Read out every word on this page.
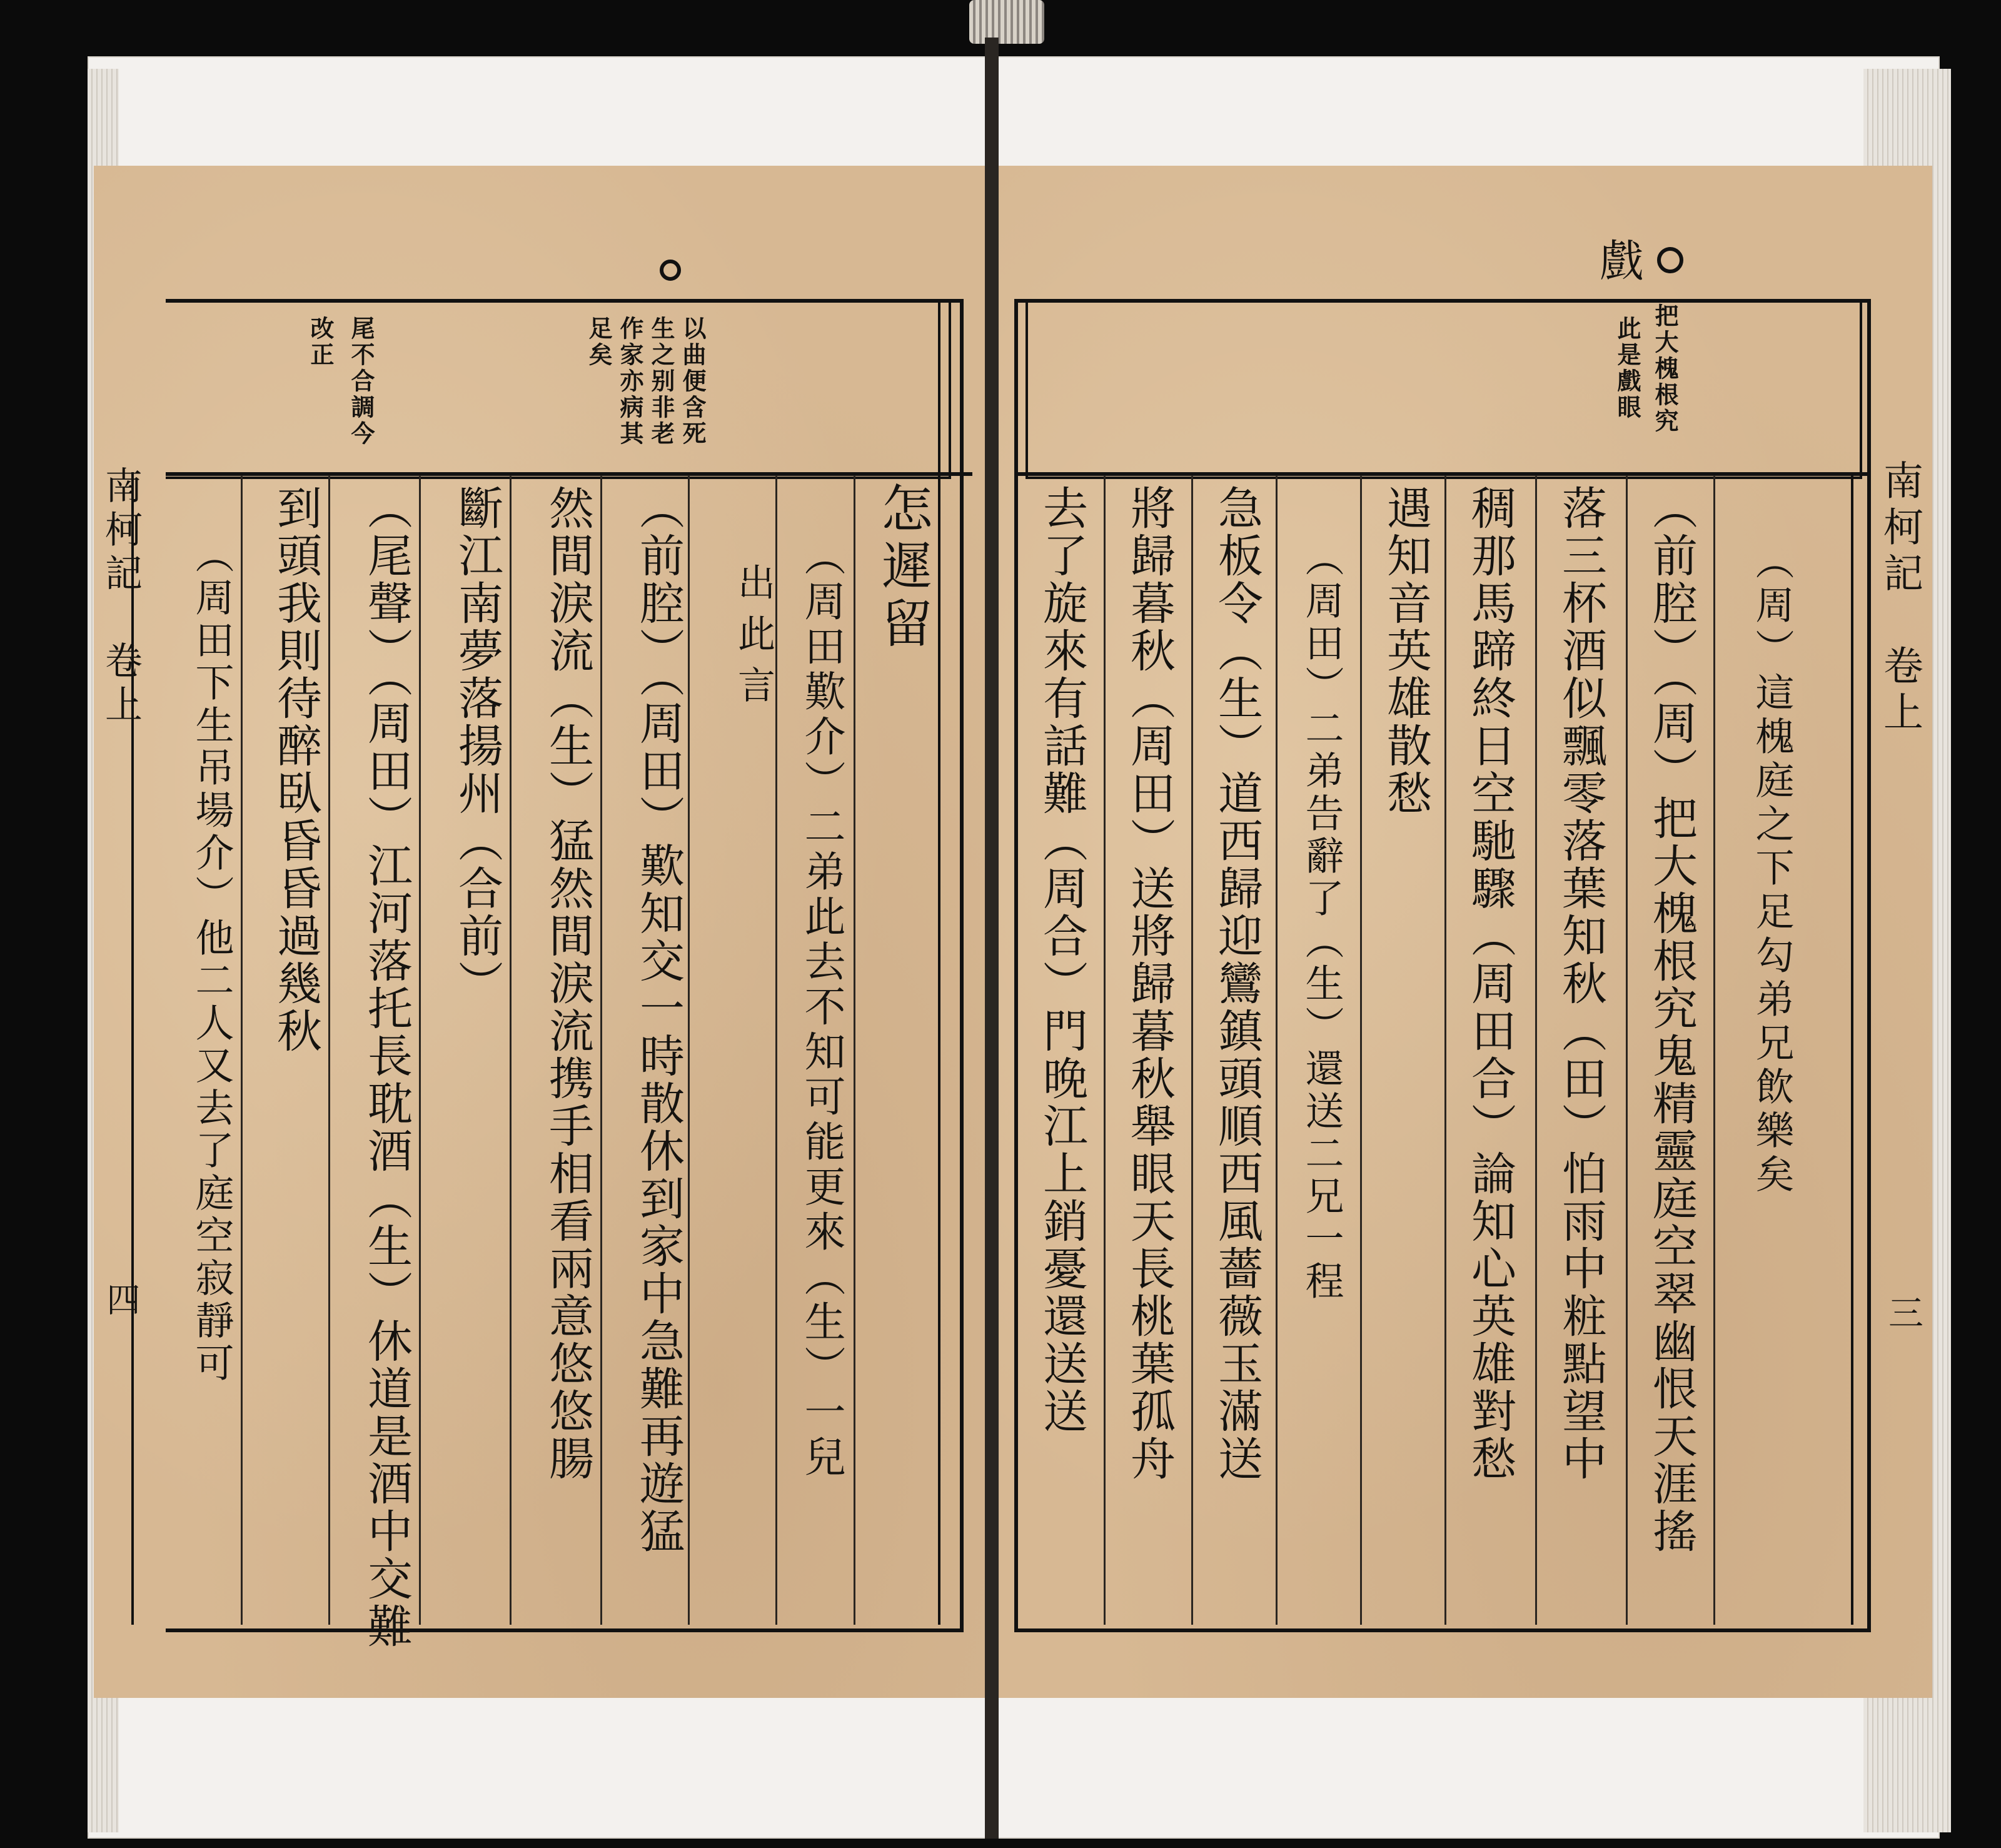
戲
以曲便含死
生之别非老
作家亦病其
足矣
尾不合調今
改正
（周田歎介）二弟此去不知可能更來（生）一兒
出此言 怎遲留
（前腔）（周田）歎知交一時散休到家中急難再遊猛
然間淚流（生）猛然間淚流携手相看兩意悠悠腸
斷江南夢落揚州（合前）
（尾聲）（周田）江河落托長耽酒（生）休道是酒中交難
到頭我則待醉臥昏昏過幾秋
（周田下生吊場介）他二人又去了庭空寂靜可
南柯記　卷上
四
把大槐根究
此是戲眼
（周）這槐庭之下足勾弟兄飲樂矣
（前腔）（周）把大槐根究鬼精靈庭空翠幽恨天涯搖
落三杯酒似飄零落葉知秋（田）怕雨中粧點望中
稠那馬蹄終日空馳驟（周田合）論知心英雄對愁
遇知音英雄散愁
（周田）二弟告辭了（生）還送二兄一程
急板令（生）道西歸迎鸞鎮頭順西風薔薇玉滿送
將歸暮秋（周田）送將歸暮秋舉眼天長桃葉孤舟
去了旋來有話難（周合）門晚江上銷憂還送送	南柯記　卷上
三
